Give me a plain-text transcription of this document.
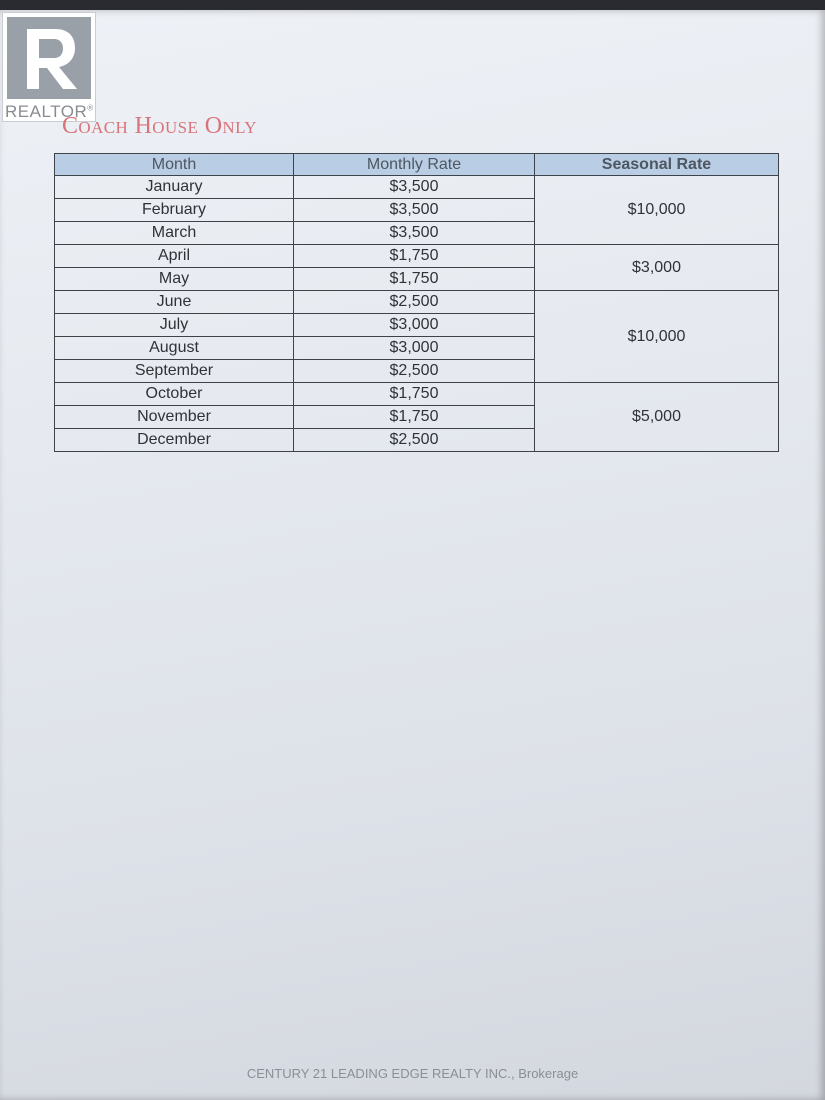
REALTOR®
Coach House Only
Month	Monthly Rate	Seasonal Rate
January	$3,500	$10,000
February	$3,500	
March	$3,500	
April	$1,750	$3,000
May	$1,750	
June	$2,500	$10,000
July	$3,000	
August	$3,000	
September	$2,500	
October	$1,750	$5,000
November	$1,750	
December	$2,500	
CENTURY 21 LEADING EDGE REALTY INC., Brokerage
